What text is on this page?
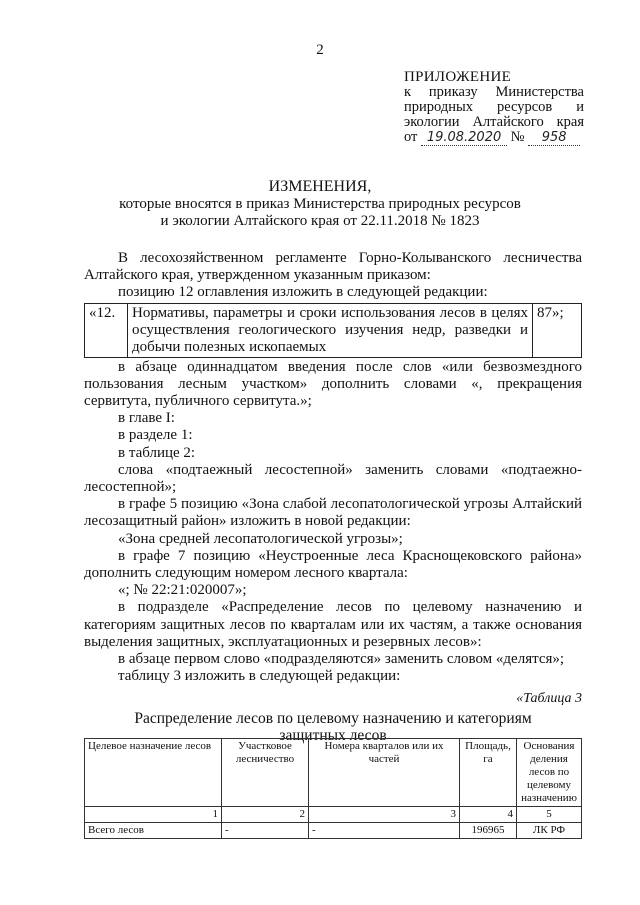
2
ПРИЛОЖЕНИЕ
к приказу Министерства
природных ресурсов и
экологии Алтайского края
от 19.08.2020 № 958
ИЗМЕНЕНИЯ,
которые вносятся в приказ Министерства природных ресурсов
и экологии Алтайского края от 22.11.2018 № 1823

В лесохозяйственном регламенте Горно-Колыванского лесничества Алтайского края, утвержденном указанным приказом:

позицию 12 оглавления изложить в следующей редакции:

«12.	Нормативы, параметры и сроки использования лесов в целях осуществления геологического изучения недр, разведки и добычи полезных ископаемых	87»;

в абзаце одиннадцатом введения после слов «или безвозмездного пользования лесным участком» дополнить словами «, прекращения сервитута, публичного сервитута.»;

в главе I:

в разделе 1:

в таблице 2:

слова «подтаежный лесостепной» заменить словами «подтаежно-лесостепной»;

в графе 5 позицию «Зона слабой лесопатологической угрозы Алтайский лесозащитный район» изложить в новой редакции:

«Зона средней лесопатологической угрозы»;

в графе 7 позицию «Неустроенные леса Краснощековского района» дополнить следующим номером лесного квартала:

«; № 22:21:020007»;

в подразделе «Распределение лесов по целевому назначению и категориям защитных лесов по кварталам или их частям, а также основания выделения защитных, эксплуатационных и резервных лесов»:

в абзаце первом слово «подразделяются» заменить словом «делятся»;

таблицу 3 изложить в следующей редакции:

«Таблица 3
Распределение лесов по целевому назначению и категориям
защитных лесов
Целевое назначение лесов	Участковое лесничество	Номера кварталов или их частей	Площадь, га	Основания деления лесов по целевому назначению
1	2	3	4	5
Всего лесов	-	-	196965	ЛК РФ
